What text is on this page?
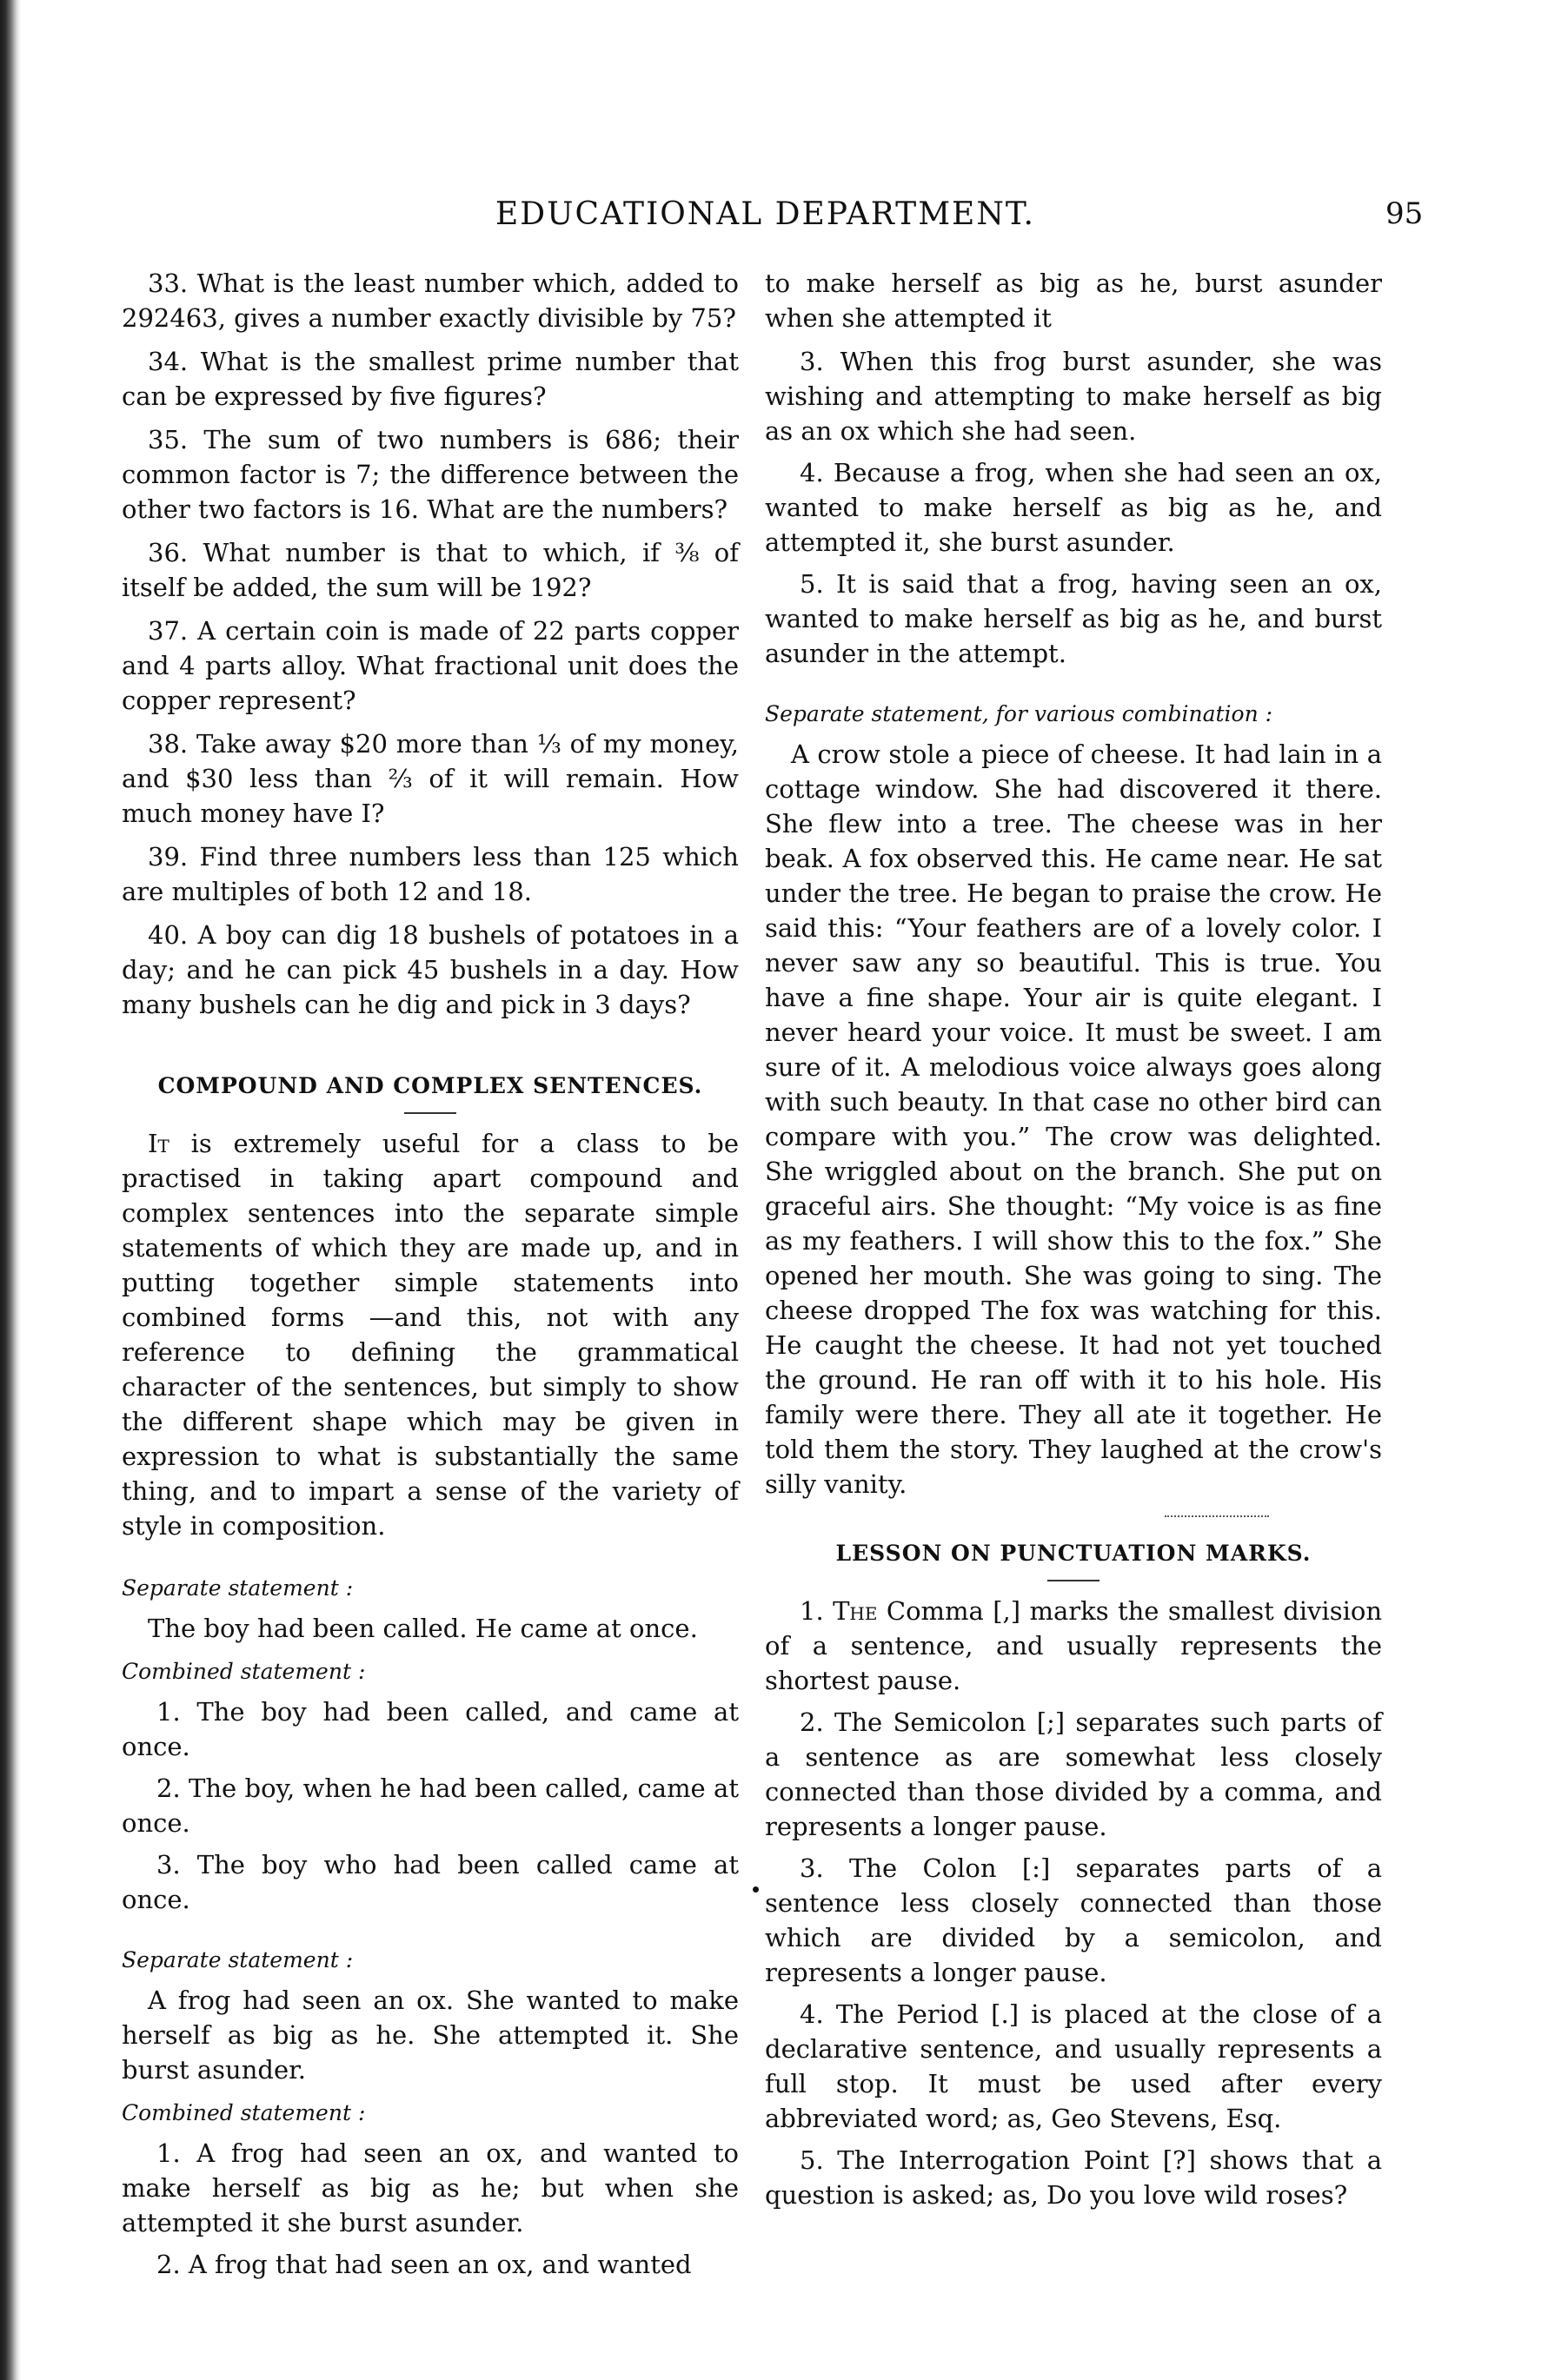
EDUCATIONAL DEPARTMENT.	95

33. What is the least number which, added to 292463, gives a number exactly divisible by 75?

34. What is the smallest prime number that can be expressed by five figures?

35. The sum of two numbers is 686; their common factor is 7; the difference between the other two factors is 16. What are the numbers?

36. What number is that to which, if ⅜ of itself be added, the sum will be 192?

37. A certain coin is made of 22 parts copper and 4 parts alloy. What fractional unit does the copper represent?

38. Take away $20 more than ⅓ of my money, and $30 less than ⅔ of it will remain. How much money have I?

39. Find three numbers less than 125 which are multiples of both 12 and 18.

40. A boy can dig 18 bushels of potatoes in a day; and he can pick 45 bushels in a day. How many bushels can he dig and pick in 3 days?

COMPOUND AND COMPLEX SENTENCES.

It is extremely useful for a class to be practised in taking apart compound and complex sentences into the separate simple statements of which they are made up, and in putting together simple statements into combined forms —and this, not with any reference to defining the grammatical character of the sentences, but simply to show the different shape which may be given in expression to what is substantially the same thing, and to impart a sense of the variety of style in composition.

Separate statement :

The boy had been called. He came at once.

Combined statement :

1. The boy had been called, and came at once.

2. The boy, when he had been called, came at once.

3. The boy who had been called came at once.

Separate statement :

A frog had seen an ox. She wanted to make herself as big as he. She attempted it. She burst asunder.

Combined statement :

1. A frog had seen an ox, and wanted to make herself as big as he; but when she attempted it she burst asunder.

2. A frog that had seen an ox, and wanted

to make herself as big as he, burst asunder when she attempted it

3. When this frog burst asunder, she was wishing and attempting to make herself as big as an ox which she had seen.

4. Because a frog, when she had seen an ox, wanted to make herself as big as he, and attempted it, she burst asunder.

5. It is said that a frog, having seen an ox, wanted to make herself as big as he, and burst asunder in the attempt.

Separate statement, for various combination :

A crow stole a piece of cheese. It had lain in a cottage window. She had discovered it there. She flew into a tree. The cheese was in her beak. A fox observed this. He came near. He sat under the tree. He began to praise the crow. He said this: “Your feathers are of a lovely color. I never saw any so beautiful. This is true. You have a fine shape. Your air is quite elegant. I never heard your voice. It must be sweet. I am sure of it. A melodious voice always goes along with such beauty. In that case no other bird can compare with you.” The crow was delighted. She wriggled about on the branch. She put on graceful airs. She thought: “My voice is as fine as my feathers. I will show this to the fox.” She opened her mouth. She was going to sing. The cheese dropped The fox was watching for this. He caught the cheese. It had not yet touched the ground. He ran off with it to his hole. His family were there. They all ate it together. He told them the story. They laughed at the crow's silly vanity.

LESSON ON PUNCTUATION MARKS.

1. The Comma [,] marks the smallest division of a sentence, and usually represents the shortest pause.

2. The Semicolon [;] separates such parts of a sentence as are somewhat less closely connected than those divided by a comma, and represents a longer pause.

3. The Colon [:] separates parts of a sentence less closely connected than those which are divided by a semicolon, and represents a longer pause.

4. The Period [.] is placed at the close of a declarative sentence, and usually represents a full stop. It must be used after every abbreviated word; as, Geo Stevens, Esq.

5. The Interrogation Point [?] shows that a question is asked; as, Do you love wild roses?
